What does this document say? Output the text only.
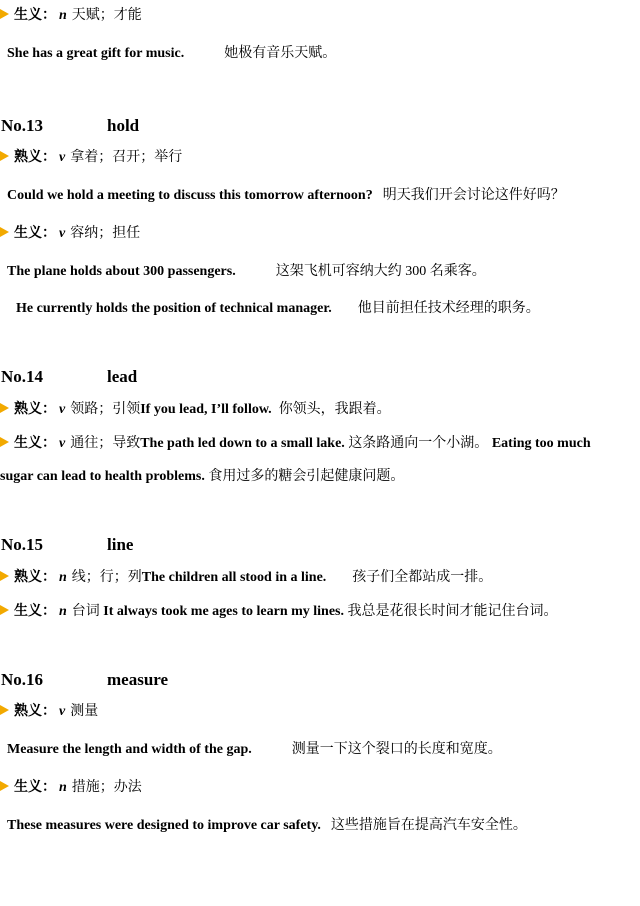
生义： n 天赋；才能
She has a great gift for music.	她极有音乐天赋。
No.13	hold
熟义： v 拿着；召开；举行
Could we hold a meeting to discuss this tomorrow afternoon? 明天我们开会讨论这件好吗？
生义： v 容纳；担任
The plane holds about 300 passengers.	这架飞机可容纳大约 300 名乘客。
He currently holds the position of technical manager. 他目前担任技术经理的职务。
No.14	lead
熟义： v 领路；引领If you lead, I’ll follow. 你领头，我跟着。
生义： v 通往；导致The path led down to a small lake. 这条路通向一个小湖。 Eating too much
sugar can lead to health problems. 食用过多的糖会引起健康问题。
No.15	line
熟义： n 线；行；列The children all stood in a line. 孩子们全都站成一排。
生义： n 台词 It always took me ages to learn my lines. 我总是花很长时间才能记住台词。
No.16	measure
熟义： v 测量
Measure the length and width of the gap.	测量一下这个裂口的长度和宽度。
生义： n 措施；办法
These measures were designed to improve car safety. 这些措施旨在提高汽车安全性。
